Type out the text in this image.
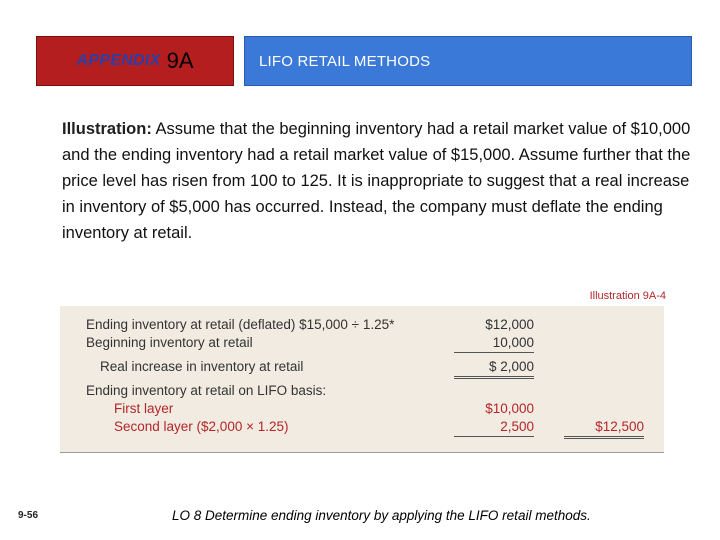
APPENDIX 9A	LIFO RETAIL METHODS
Illustration: Assume that the beginning inventory had a retail market value of $10,000 and the ending inventory had a retail market value of $15,000. Assume further that the price level has risen from 100 to 125. It is inappropriate to suggest that a real increase in inventory of $5,000 has occurred. Instead, the company must deflate the ending inventory at retail.
Illustration 9A-4
Ending inventory at retail (deflated) $15,000 ÷ 1.25*	$12,000
Beginning inventory at retail	10,000
Real increase in inventory at retail	$ 2,000
Ending inventory at retail on LIFO basis:
First layer	$10,000
Second layer ($2,000 × 1.25)	2,500	$12,500
9-56	LO 8 Determine ending inventory by applying the LIFO retail methods.
